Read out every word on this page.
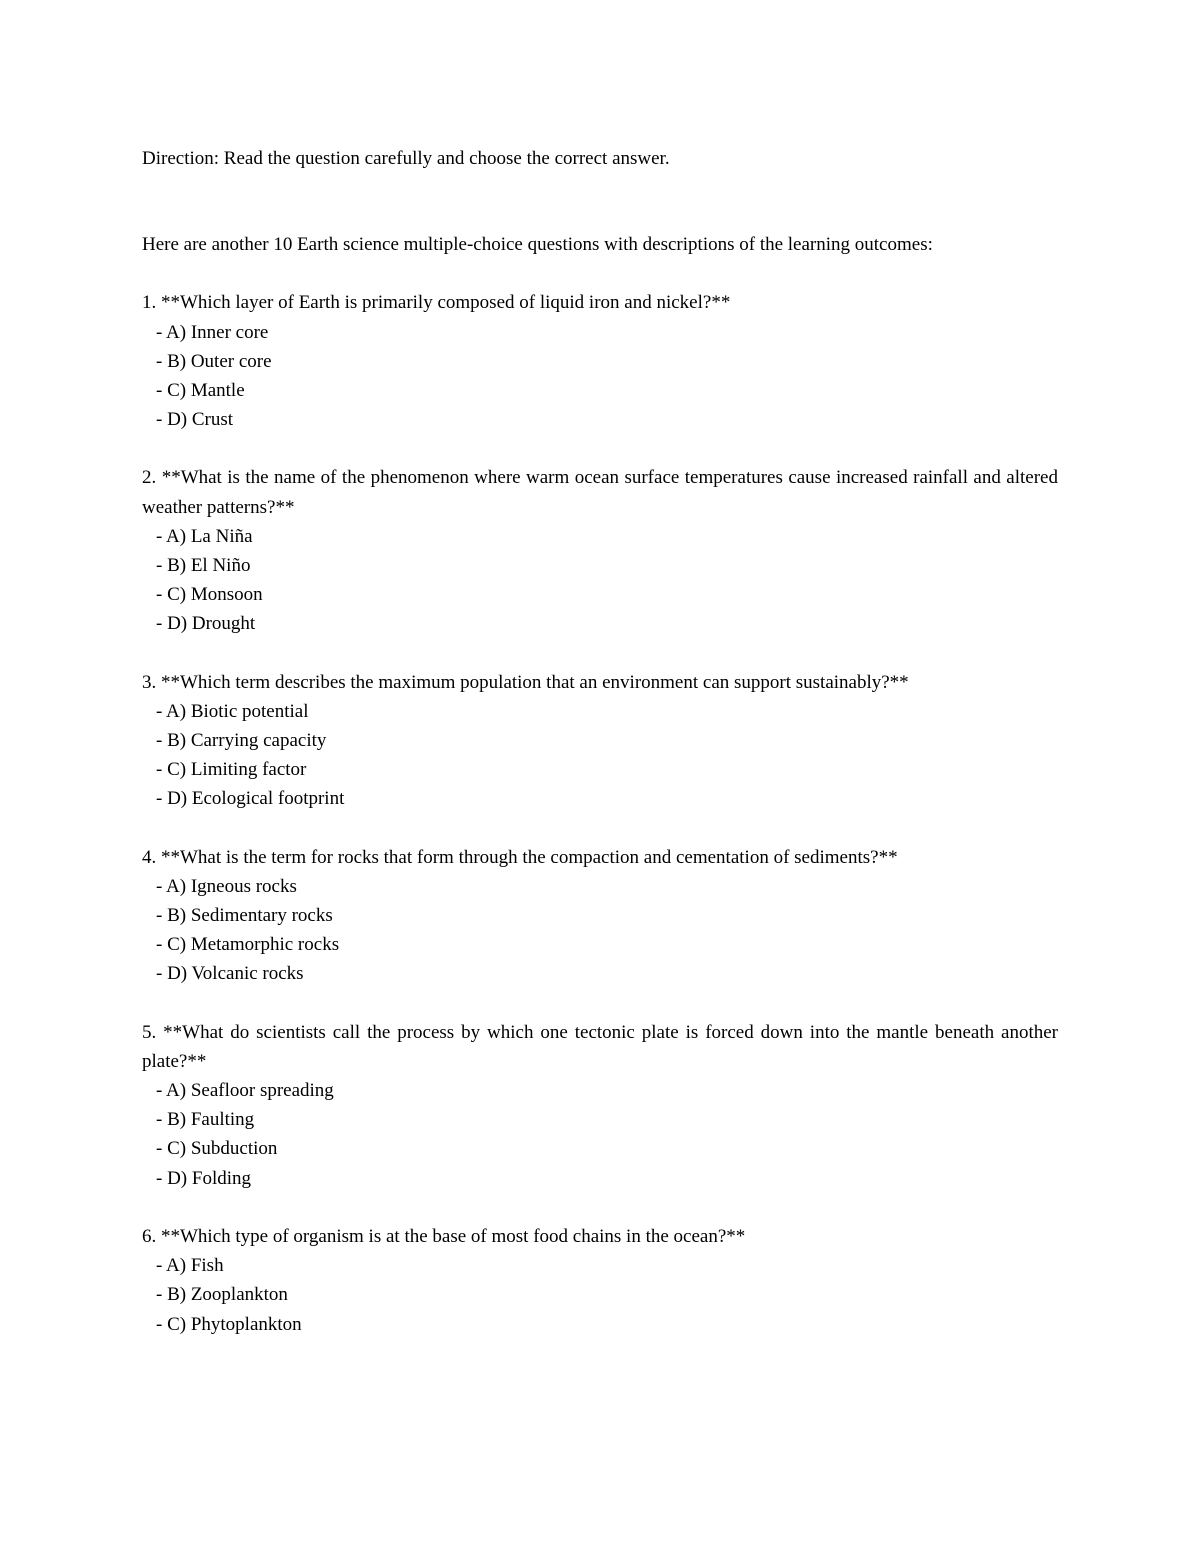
Direction: Read the question carefully and choose the correct answer.

Here are another 10 Earth science multiple-choice questions with descriptions of the learning outcomes:

1. **Which layer of Earth is primarily composed of liquid iron and nickel?**

- A) Inner core
- B) Outer core
- C) Mantle
- D) Crust

2. **What is the name of the phenomenon where warm ocean surface temperatures cause increased rainfall and altered weather patterns?**

- A) La Niña
- B) El Niño
- C) Monsoon
- D) Drought

3. **Which term describes the maximum population that an environment can support sustainably?**

- A) Biotic potential
- B) Carrying capacity
- C) Limiting factor
- D) Ecological footprint

4. **What is the term for rocks that form through the compaction and cementation of sediments?**

- A) Igneous rocks
- B) Sedimentary rocks
- C) Metamorphic rocks
- D) Volcanic rocks

5. **What do scientists call the process by which one tectonic plate is forced down into the mantle beneath another plate?**

- A) Seafloor spreading
- B) Faulting
- C) Subduction
- D) Folding

6. **Which type of organism is at the base of most food chains in the ocean?**

- A) Fish
- B) Zooplankton
- C) Phytoplankton
